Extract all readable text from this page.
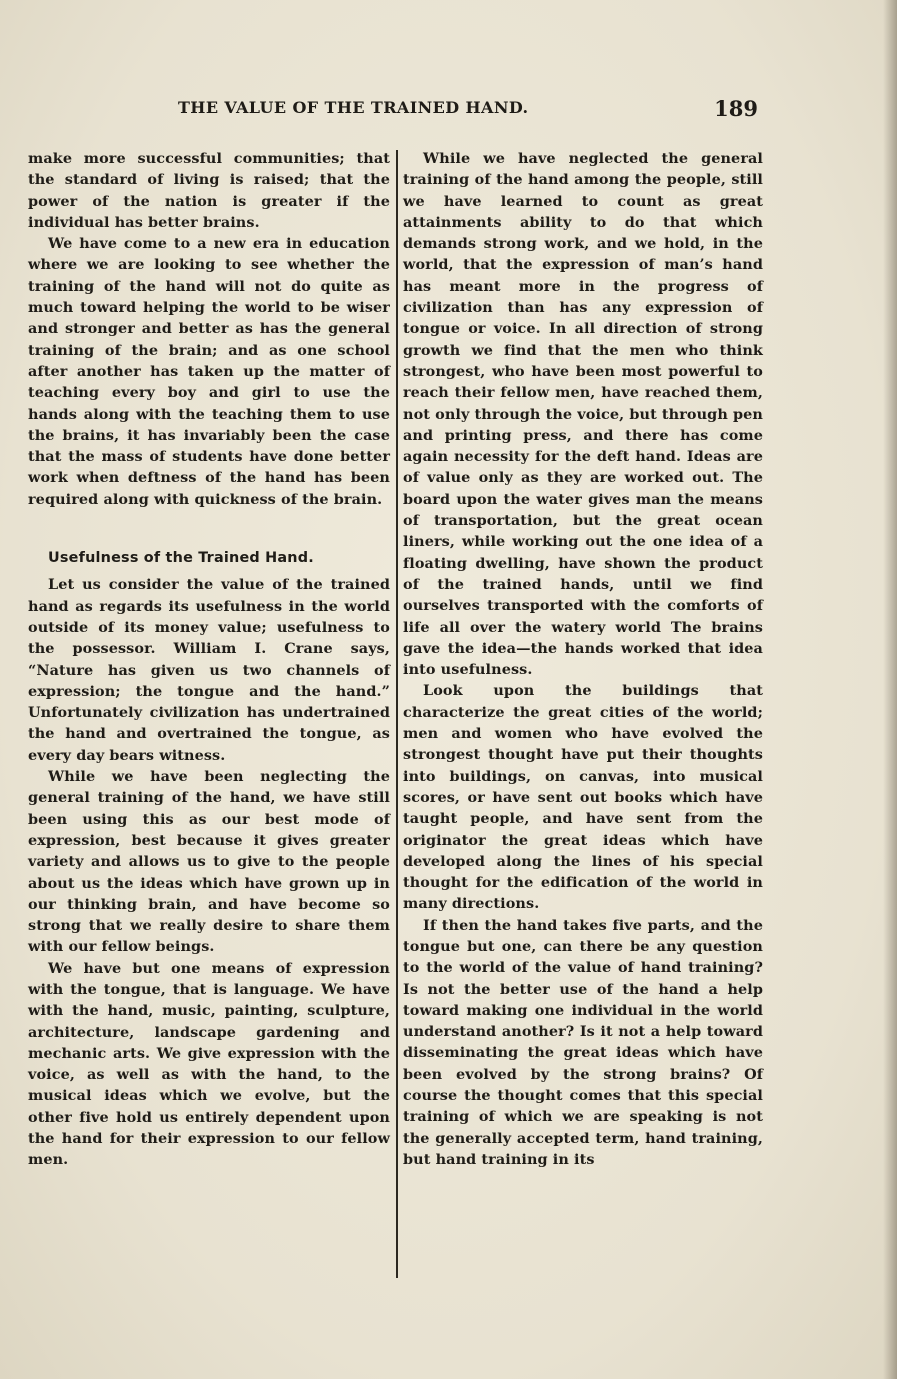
THE VALUE OF THE TRAINED HAND.	189

make more successful communities; that the standard of living is raised; that the power of the nation is greater if the individual has better brains.

We have come to a new era in education where we are looking to see whether the training of the hand will not do quite as much toward helping the world to be wiser and stronger and better as has the general training of the brain; and as one school after another has taken up the matter of teaching every boy and girl to use the hands along with the teaching them to use the brains, it has invariably been the case that the mass of students have done better work when deftness of the hand has been required along with quickness of the brain.

Usefulness of the Trained Hand.

Let us consider the value of the trained hand as regards its usefulness in the world outside of its money value; usefulness to the possessor. William I. Crane says, “Nature has given us two channels of expression; the tongue and the hand.” Unfortunately civilization has undertrained the hand and overtrained the tongue, as every day bears witness.

While we have been neglecting the general training of the hand, we have still been using this as our best mode of expression, best because it gives greater variety and allows us to give to the people about us the ideas which have grown up in our thinking brain, and have become so strong that we really desire to share them with our fellow beings.

We have but one means of expression with the tongue, that is language. We have with the hand, music, painting, sculpture, architecture, landscape gardening and mechanic arts. We give expression with the voice, as well as with the hand, to the musical ideas which we evolve, but the other five hold us entirely dependent upon the hand for their expression to our fellow men.

While we have neglected the general training of the hand among the people, still we have learned to count as great attainments ability to do that which demands strong work, and we hold, in the world, that the expression of man’s hand has meant more in the progress of civilization than has any expression of tongue or voice. In all direction of strong growth we find that the men who think strongest, who have been most powerful to reach their fellow men, have reached them, not only through the voice, but through pen and printing press, and there has come again necessity for the deft hand. Ideas are of value only as they are worked out. The board upon the water gives man the means of transportation, but the great ocean liners, while working out the one idea of a floating dwelling, have shown the product of the trained hands, until we find ourselves transported with the comforts of life all over the watery world The brains gave the idea—the hands worked that idea into usefulness.

Look upon the buildings that characterize the great cities of the world; men and women who have evolved the strongest thought have put their thoughts into buildings, on canvas, into musical scores, or have sent out books which have taught people, and have sent from the originator the great ideas which have developed along the lines of his special thought for the edification of the world in many directions.

If then the hand takes five parts, and the tongue but one, can there be any question to the world of the value of hand training? Is not the better use of the hand a help toward making one individual in the world understand another? Is it not a help toward disseminating the great ideas which have been evolved by the strong brains? Of course the thought comes that this special training of which we are speaking is not the generally accepted term, hand training, but hand training in its
